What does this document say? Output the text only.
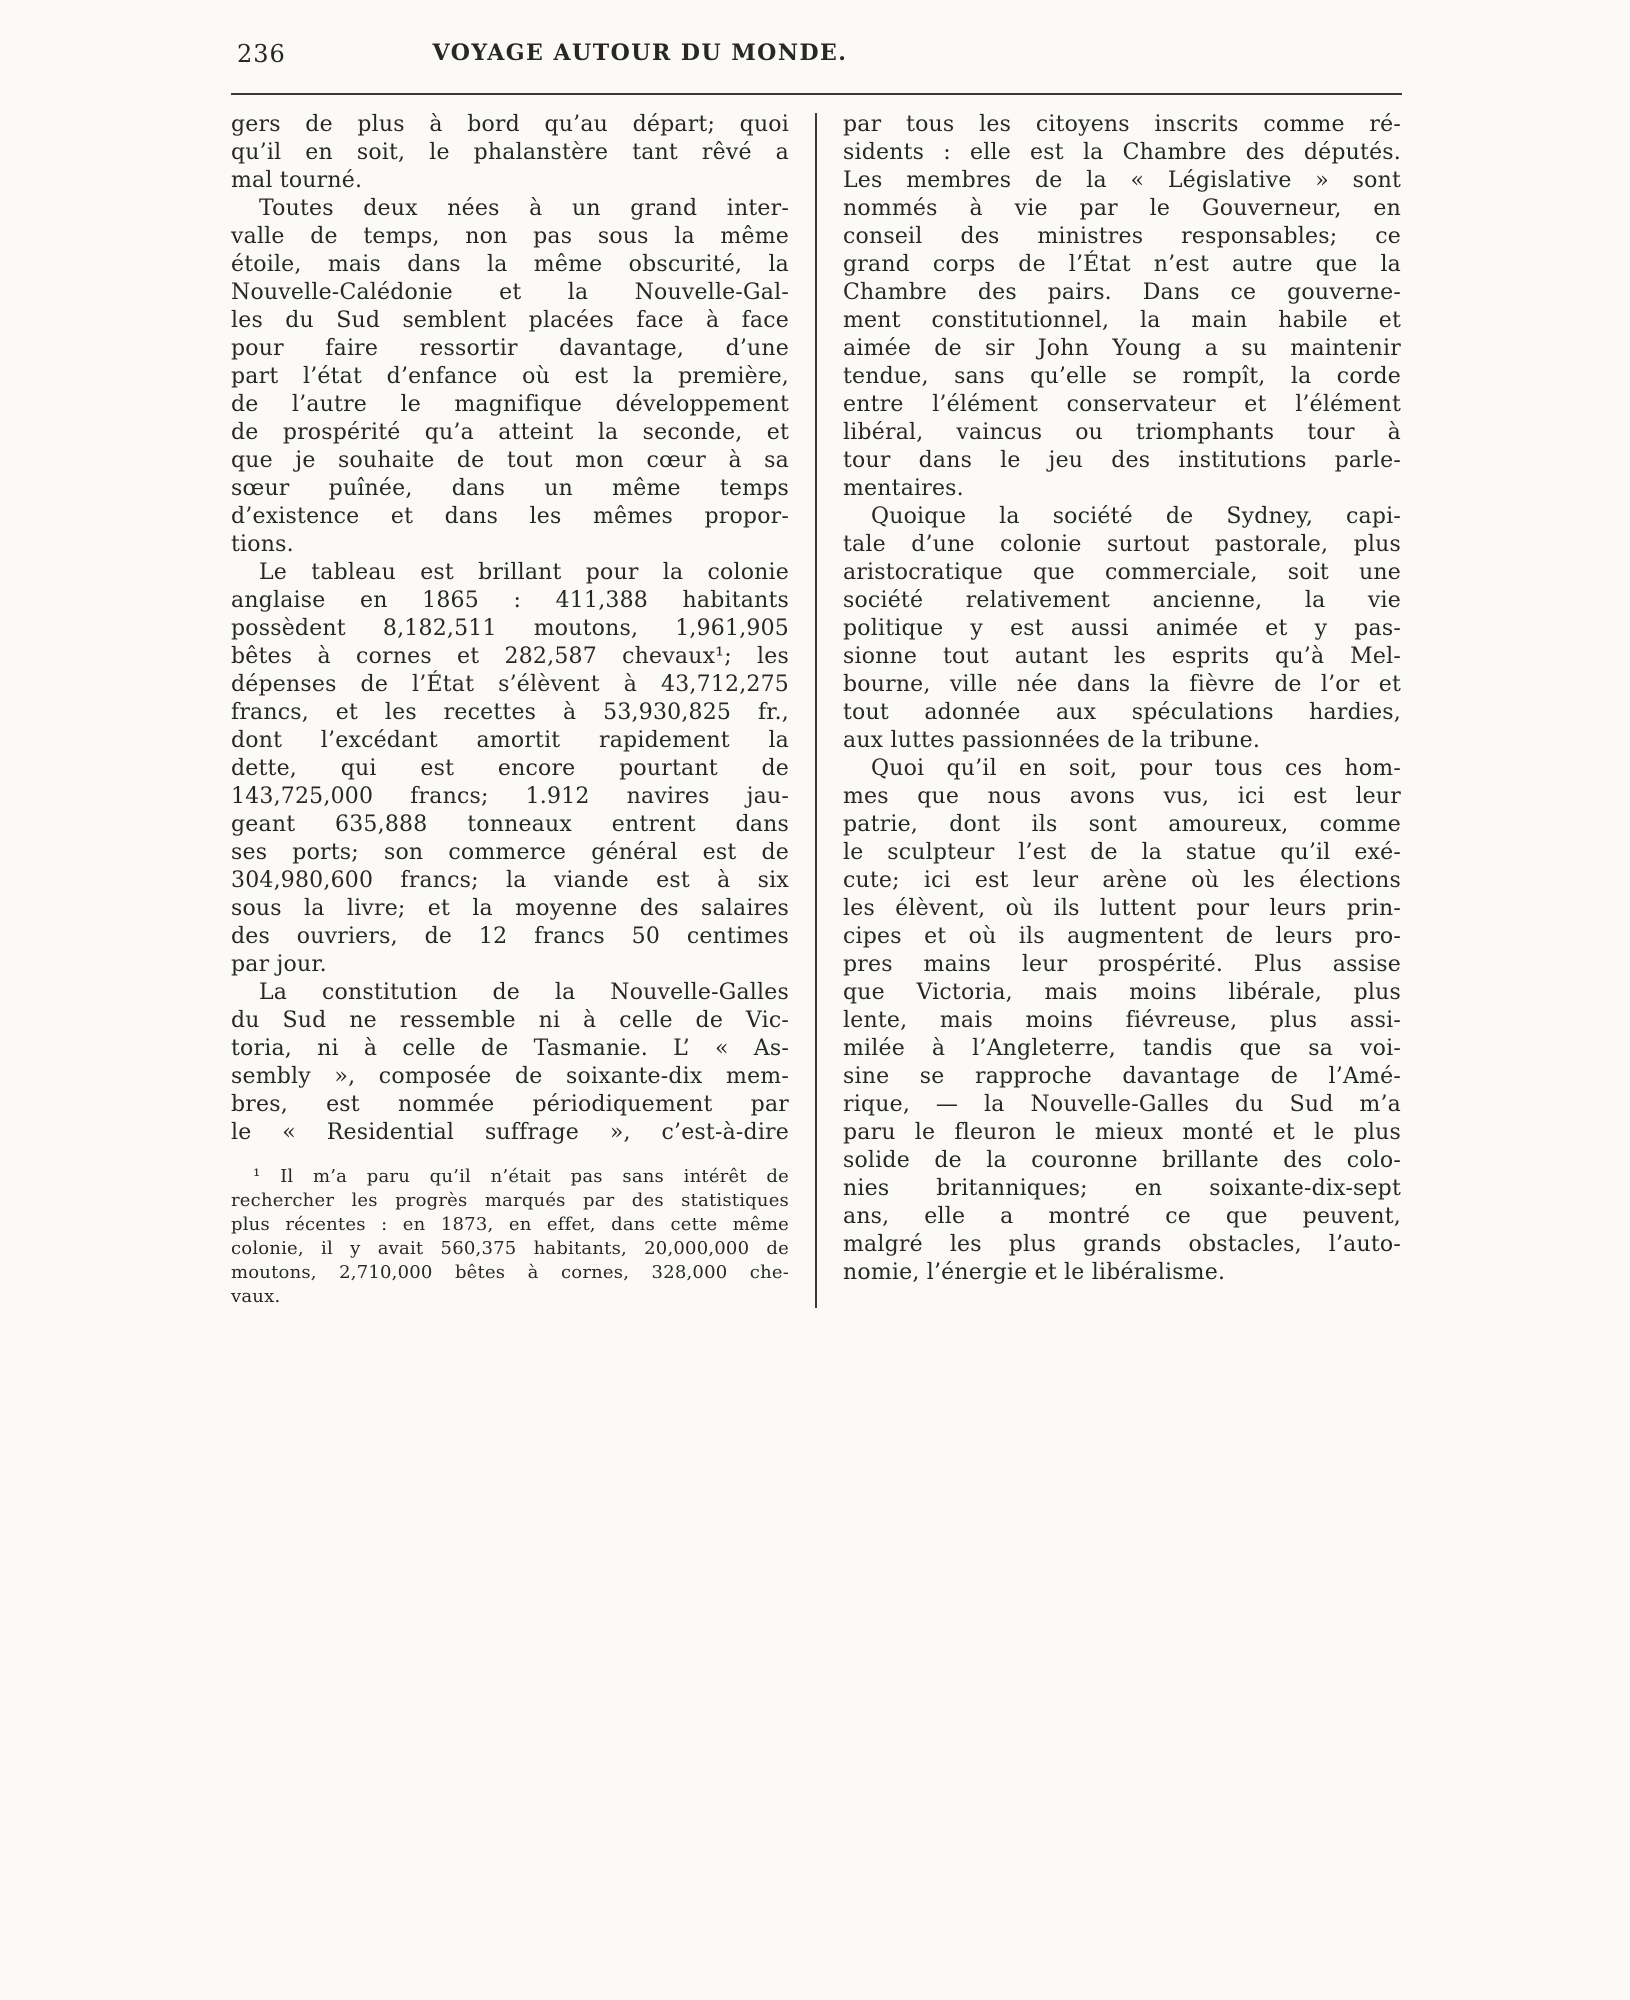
236	VOYAGE AUTOUR DU MONDE.
gers de plus à bord qu’au départ; quoi
qu’il en soit, le phalanstère tant rêvé a
mal tourné.
Toutes deux nées à un grand inter-
valle de temps, non pas sous la même
étoile, mais dans la même obscurité, la
Nouvelle-Calédonie et la Nouvelle-Gal-
les du Sud semblent placées face à face
pour faire ressortir davantage, d’une
part l’état d’enfance où est la première,
de l’autre le magnifique développement
de prospérité qu’a atteint la seconde, et
que je souhaite de tout mon cœur à sa
sœur puînée, dans un même temps
d’existence et dans les mêmes propor-
tions.
Le tableau est brillant pour la colonie
anglaise en 1865 : 411,388 habitants
possèdent 8,182,511 moutons, 1,961,905
bêtes à cornes et 282,587 chevaux¹; les
dépenses de l’État s’élèvent à 43,712,275
francs, et les recettes à 53,930,825 fr.,
dont l’excédant amortit rapidement la
dette, qui est encore pourtant de
143,725,000 francs; 1.912 navires jau-
geant 635,888 tonneaux entrent dans
ses ports; son commerce général est de
304,980,600 francs; la viande est à six
sous la livre; et la moyenne des salaires
des ouvriers, de 12 francs 50 centimes
par jour.
La constitution de la Nouvelle-Galles
du Sud ne ressemble ni à celle de Vic-
toria, ni à celle de Tasmanie. L’ « As-
sembly », composée de soixante-dix mem-
bres, est nommée périodiquement par
le « Residential suffrage », c’est-à-dire
¹ Il m’a paru qu’il n’était pas sans intérêt de
rechercher les progrès marqués par des statistiques
plus récentes : en 1873, en effet, dans cette même
colonie, il y avait 560,375 habitants, 20,000,000 de
moutons, 2,710,000 bêtes à cornes, 328,000 che-
vaux.
par tous les citoyens inscrits comme ré-
sidents : elle est la Chambre des députés.
Les membres de la « Législative » sont
nommés à vie par le Gouverneur, en
conseil des ministres responsables; ce
grand corps de l’État n’est autre que la
Chambre des pairs. Dans ce gouverne-
ment constitutionnel, la main habile et
aimée de sir John Young a su maintenir
tendue, sans qu’elle se rompît, la corde
entre l’élément conservateur et l’élément
libéral, vaincus ou triomphants tour à
tour dans le jeu des institutions parle-
mentaires.
Quoique la société de Sydney, capi-
tale d’une colonie surtout pastorale, plus
aristocratique que commerciale, soit une
société relativement ancienne, la vie
politique y est aussi animée et y pas-
sionne tout autant les esprits qu’à Mel-
bourne, ville née dans la fièvre de l’or et
tout adonnée aux spéculations hardies,
aux luttes passionnées de la tribune.
Quoi qu’il en soit, pour tous ces hom-
mes que nous avons vus, ici est leur
patrie, dont ils sont amoureux, comme
le sculpteur l’est de la statue qu’il exé-
cute; ici est leur arène où les élections
les élèvent, où ils luttent pour leurs prin-
cipes et où ils augmentent de leurs pro-
pres mains leur prospérité. Plus assise
que Victoria, mais moins libérale, plus
lente, mais moins fiévreuse, plus assi-
milée à l’Angleterre, tandis que sa voi-
sine se rapproche davantage de l’Amé-
rique, — la Nouvelle-Galles du Sud m’a
paru le fleuron le mieux monté et le plus
solide de la couronne brillante des colo-
nies britanniques; en soixante-dix-sept
ans, elle a montré ce que peuvent,
malgré les plus grands obstacles, l’auto-
nomie, l’énergie et le libéralisme.
